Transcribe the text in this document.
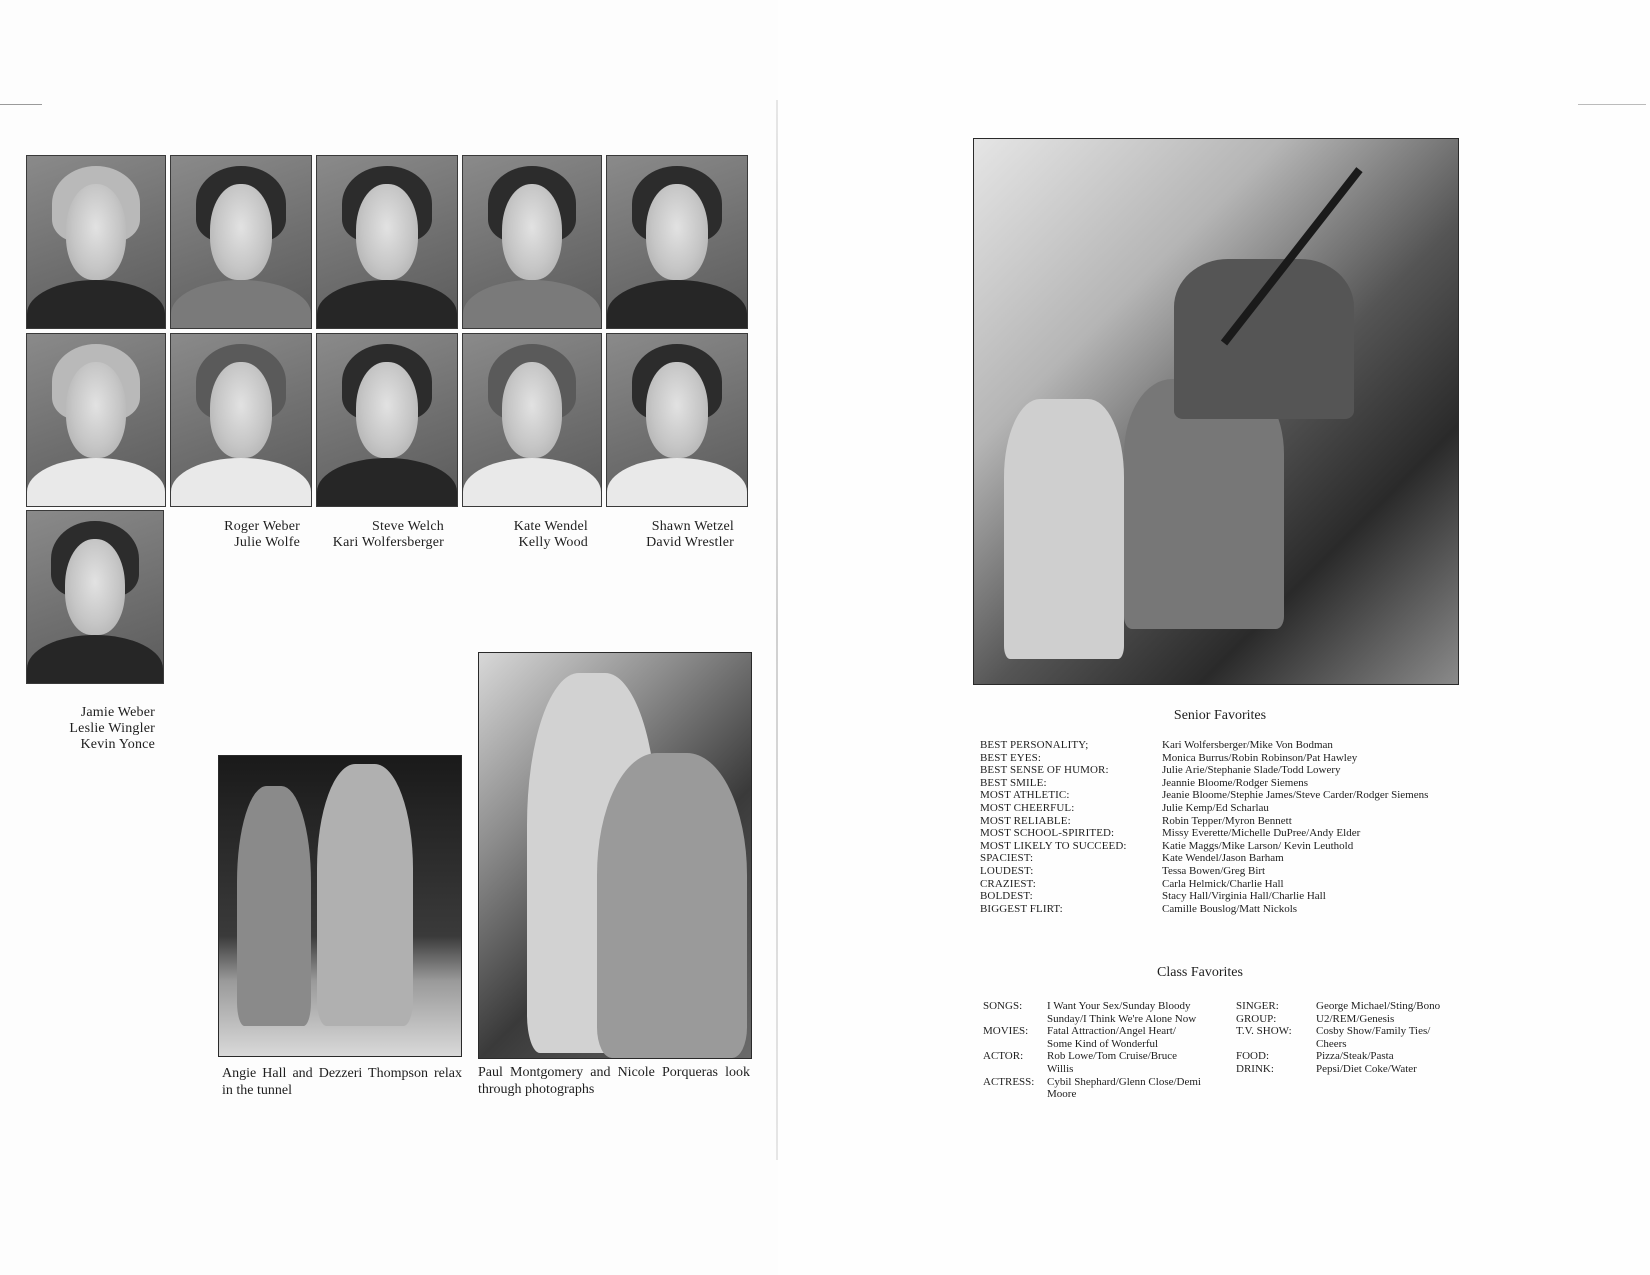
Roger Weber
Julie Wolfe
Steve Welch
Kari Wolfersberger
Kate Wendel
Kelly Wood
Shawn Wetzel
David Wrestler
Jamie Weber
Leslie Wingler
Kevin Yonce
Angie Hall and Dezzeri Thompson relax in the tunnel
Paul Montgomery and Nicole Porqueras look through photographs
Senior Favorites
BEST PERSONALITY;	Kari Wolfersberger/Mike Von Bodman
BEST EYES:	Monica Burrus/Robin Robinson/Pat Hawley
BEST SENSE OF HUMOR:	Julie Arie/Stephanie Slade/Todd Lowery
BEST SMILE:	Jeannie Bloome/Rodger Siemens
MOST ATHLETIC:	Jeanie Bloome/Stephie James/Steve Carder/Rodger Siemens
MOST CHEERFUL:	Julie Kemp/Ed Scharlau
MOST RELIABLE:	Robin Tepper/Myron Bennett
MOST SCHOOL-SPIRITED:	Missy Everette/Michelle DuPree/Andy Elder
MOST LIKELY TO SUCCEED:	Katie Maggs/Mike Larson/ Kevin Leuthold
SPACIEST:	Kate Wendel/Jason Barham
LOUDEST:	Tessa Bowen/Greg Birt
CRAZIEST:	Carla Helmick/Charlie Hall
BOLDEST:	Stacy Hall/Virginia Hall/Charlie Hall
BIGGEST FLIRT:	Camille Bouslog/Matt Nickols
Class Favorites
SONGS:	I Want Your Sex/Sunday Bloody
Sunday/I Think We're Alone Now
MOVIES:	Fatal Attraction/Angel Heart/
Some Kind of Wonderful
ACTOR:	Rob Lowe/Tom Cruise/Bruce
Willis
ACTRESS:	Cybil Shephard/Glenn Close/Demi
Moore
SINGER:	George Michael/Sting/Bono
GROUP:	U2/REM/Genesis
T.V. SHOW:	Cosby Show/Family Ties/
Cheers
FOOD:	Pizza/Steak/Pasta
DRINK:	Pepsi/Diet Coke/Water
